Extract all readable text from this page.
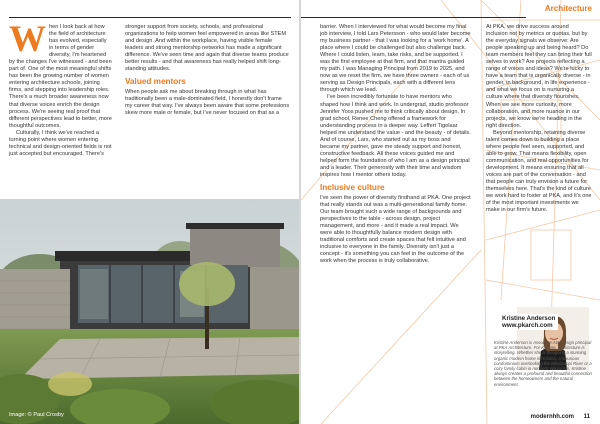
W hen I look back at how the field of architecture has evolved, especially in terms of gender diversity, I'm heartened by the changes I've witnessed - and been part of. One of the most meaningful shifts has been the growing number of women entering architecture schools, joining firms, and stepping into leadership roles. There's a much broader awareness now that diverse voices enrich the design process. We're seeing real proof that different perspectives lead to better, more thoughtful outcomes.

Culturally, I think we've reached a turning point where women entering technical and design-oriented fields is not just accepted but encouraged. There's

stronger support from society, schools, and professional organizations to help women feel empowered in areas like STEM and design. And within the workplace, having visible female leaders and strong mentorship networks has made a significant difference. We've seen time and again that diverse teams produce better results - and that awareness has really helped shift long-standing attitudes.

Valued mentors

When people ask me about breaking through in what has traditionally been a male-dominated field, I honestly don't frame my career that way. I've always been aware that some professions skew more male or female, but I've never focused on that as a

Image: © Paul Crosby
Architecture

barrier. When I interviewed for what would become my final job interview, I told Lars Petersson - who would later become my business partner - that I was looking for a 'work home'. A place where I could be challenged but also challenge back. Where I could listen, learn, take risks, and be supported. I was the first employee at that firm, and that mantra guided my path. I was Managing Principal from 2019 to 2025, and now as we reset the firm, we have three owners - each of us serving as Design Principals, each with a different lens through which we lead.

I've been incredibly fortunate to have mentors who shaped how I think and work. In undergrad, studio professor Jennifer Yoos pushed me to think critically about design. In grad school, Renee Cheng offered a framework for understanding process in a deeper way. Leffert Tigelaar helped me understand the value - and the beauty - of details. And of course, Lars, who started out as my boss and became my partner, gave me steady support and honest, constructive feedback. All these voices guided me and helped form the foundation of who I am as a design principal and a leader. Their generosity with their time and wisdom inspires how I mentor others today.

Inclusive culture

I've seen the power of diversity firsthand at PKA. One project that really stands out was a multi-generational family home. Our team brought such a wide range of backgrounds and perspectives to the table - across design, project management, and more - and it made a real impact. We were able to thoughtfully balance modern design with traditional comforts and create spaces that felt intuitive and inclusive to everyone in the family. Diversity isn't just a concept - it's something you can feel in the outcome of the work when the process is truly collaborative.

At PKA, we drive success around inclusion not by metrics or quotas, but by the everyday signals we observe: Are people speaking up and being heard? Do team members feel they can bring their full selves to work? Are projects reflecting a range of voices and ideas? We're lucky to have a team that is organically diverse - in gender, in background, in life experience - and what we focus on is nurturing a culture where that diversity flourishes. When we see more curiosity, more collaboration, and more nuance in our projects, we know we're heading in the right direction.

Beyond mentorship, retaining diverse talent comes down to building a place where people feel seen, supported, and able to grow. That means flexibility, open communication, and real opportunities for development. It means ensuring that all voices are part of the conversation - and that people can truly envision a future for themselves here. That's the kind of culture we work hard to foster at PKA, and it's one of the most important investments we make in our firm's future.

Kristine Anderson
www.pkarch.com
Kristine Anderson is Associate AIA Design principal at PKA Architecture. For Kristine, architecture is storytelling. Whether she is designing a stunning organic modern home in Arizona, a luxurious condominium overlooking the Mississippi River or a cozy family cabin in northern Wisconsin, Kristine always creates a profound and beautiful connection between the homeowners and the natural environment.
modernhh.com 11
